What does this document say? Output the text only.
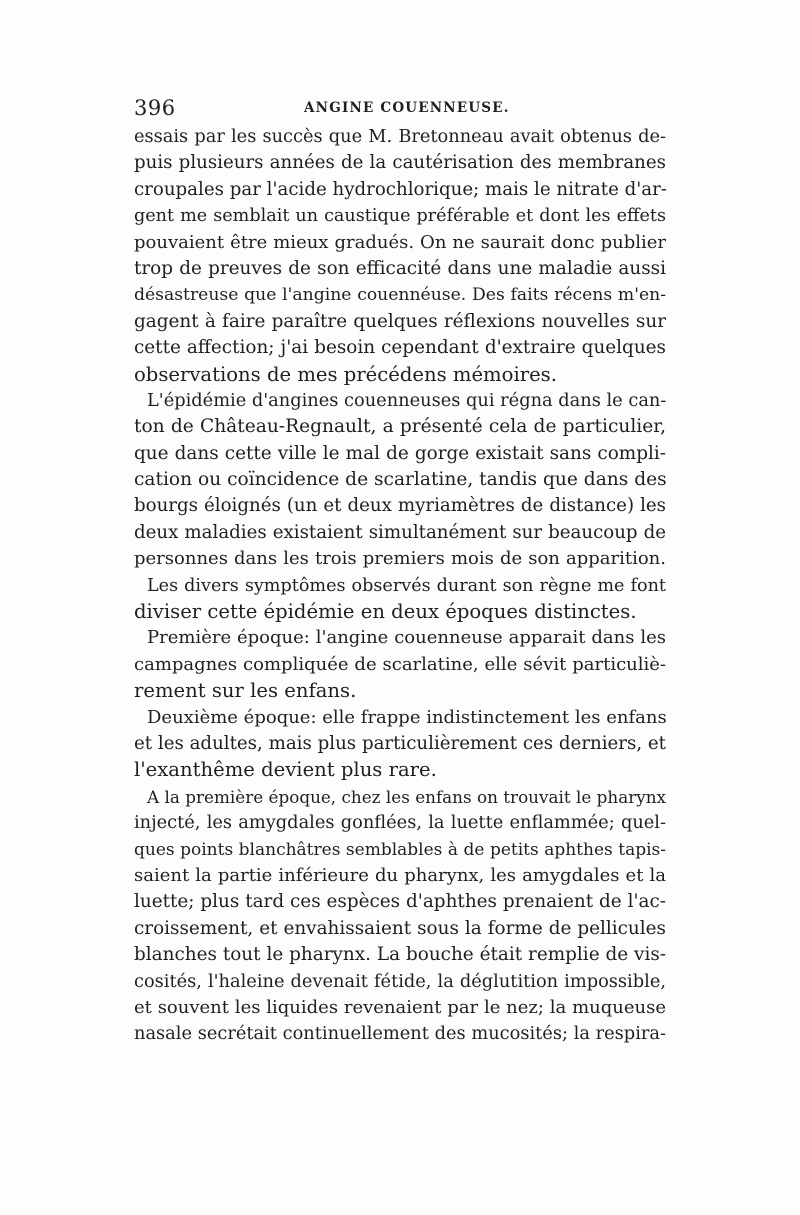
396	ANGINE COUENNEUSE.
essais par les succès que M. Bretonneau avait obtenus de-
puis plusieurs années de la cautérisation des membranes
croupales par l'acide hydrochlorique; mais le nitrate d'ar-
gent me semblait un caustique préférable et dont les effets
pouvaient être mieux gradués. On ne saurait donc publier
trop de preuves de son efficacité dans une maladie aussi
désastreuse que l'angine couennéuse. Des faits récens m'en-
gagent à faire paraître quelques réflexions nouvelles sur
cette affection; j'ai besoin cependant d'extraire quelques
observations de mes précédens mémoires.
L'épidémie d'angines couenneuses qui régna dans le can-
ton de Château-Regnault, a présenté cela de particulier,
que dans cette ville le mal de gorge existait sans compli-
cation ou coïncidence de scarlatine, tandis que dans des
bourgs éloignés (un et deux myriamètres de distance) les
deux maladies existaient simultanément sur beaucoup de
personnes dans les trois premiers mois de son apparition.
Les divers symptômes observés durant son règne me font
diviser cette épidémie en deux époques distinctes.
Première époque: l'angine couenneuse apparait dans les
campagnes compliquée de scarlatine, elle sévit particuliè-
rement sur les enfans.
Deuxième époque: elle frappe indistinctement les enfans
et les adultes, mais plus particulièrement ces derniers, et
l'exanthême devient plus rare.
A la première époque, chez les enfans on trouvait le pharynx
injecté, les amygdales gonflées, la luette enflammée; quel-
ques points blanchâtres semblables à de petits aphthes tapis-
saient la partie inférieure du pharynx, les amygdales et la
luette; plus tard ces espèces d'aphthes prenaient de l'ac-
croissement, et envahissaient sous la forme de pellicules
blanches tout le pharynx. La bouche était remplie de vis-
cosités, l'haleine devenait fétide, la déglutition impossible,
et souvent les liquides revenaient par le nez; la muqueuse
nasale secrétait continuellement des mucosités; la respira-
